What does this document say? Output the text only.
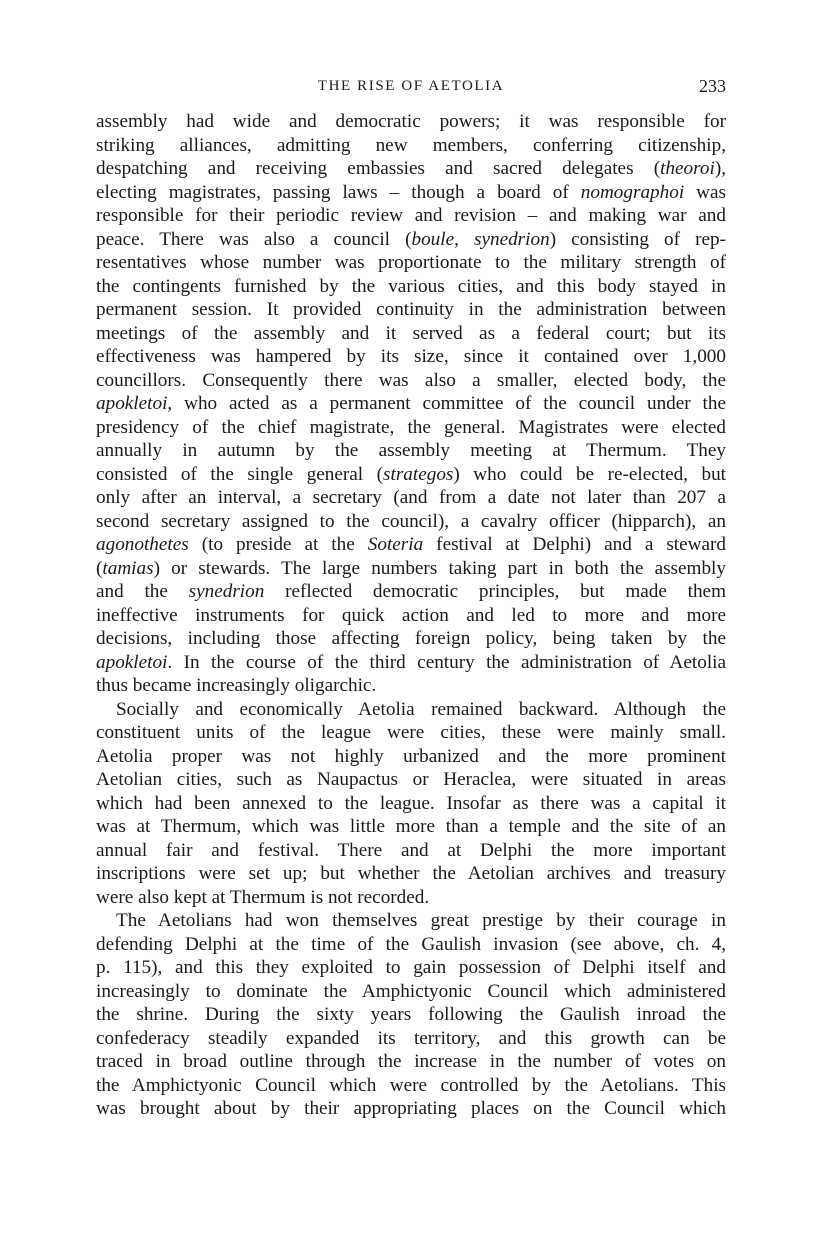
THE RISE OF AETOLIA	233
assembly had wide and democratic powers; it was responsible for
striking alliances, admitting new members, conferring citizenship,
despatching and receiving embassies and sacred delegates (theoroi),
electing magistrates, passing laws – though a board of nomographoi was
responsible for their periodic review and revision – and making war and
peace. There was also a council (boule, synedrion) consisting of rep-
resentatives whose number was proportionate to the military strength of
the contingents furnished by the various cities, and this body stayed in
permanent session. It provided continuity in the administration between
meetings of the assembly and it served as a federal court; but its
effectiveness was hampered by its size, since it contained over 1,000
councillors. Consequently there was also a smaller, elected body, the
apokletoi, who acted as a permanent committee of the council under the
presidency of the chief magistrate, the general. Magistrates were elected
annually in autumn by the assembly meeting at Thermum. They
consisted of the single general (strategos) who could be re-elected, but
only after an interval, a secretary (and from a date not later than 207 a
second secretary assigned to the council), a cavalry officer (hipparch), an
agonothetes (to preside at the Soteria festival at Delphi) and a steward
(tamias) or stewards. The large numbers taking part in both the assembly
and the synedrion reflected democratic principles, but made them
ineffective instruments for quick action and led to more and more
decisions, including those affecting foreign policy, being taken by the
apokletoi. In the course of the third century the administration of Aetolia
thus became increasingly oligarchic.
Socially and economically Aetolia remained backward. Although the
constituent units of the league were cities, these were mainly small.
Aetolia proper was not highly urbanized and the more prominent
Aetolian cities, such as Naupactus or Heraclea, were situated in areas
which had been annexed to the league. Insofar as there was a capital it
was at Thermum, which was little more than a temple and the site of an
annual fair and festival. There and at Delphi the more important
inscriptions were set up; but whether the Aetolian archives and treasury
were also kept at Thermum is not recorded.
The Aetolians had won themselves great prestige by their courage in
defending Delphi at the time of the Gaulish invasion (see above, ch. 4,
p. 115), and this they exploited to gain possession of Delphi itself and
increasingly to dominate the Amphictyonic Council which administered
the shrine. During the sixty years following the Gaulish inroad the
confederacy steadily expanded its territory, and this growth can be
traced in broad outline through the increase in the number of votes on
the Amphictyonic Council which were controlled by the Aetolians. This
was brought about by their appropriating places on the Council which
